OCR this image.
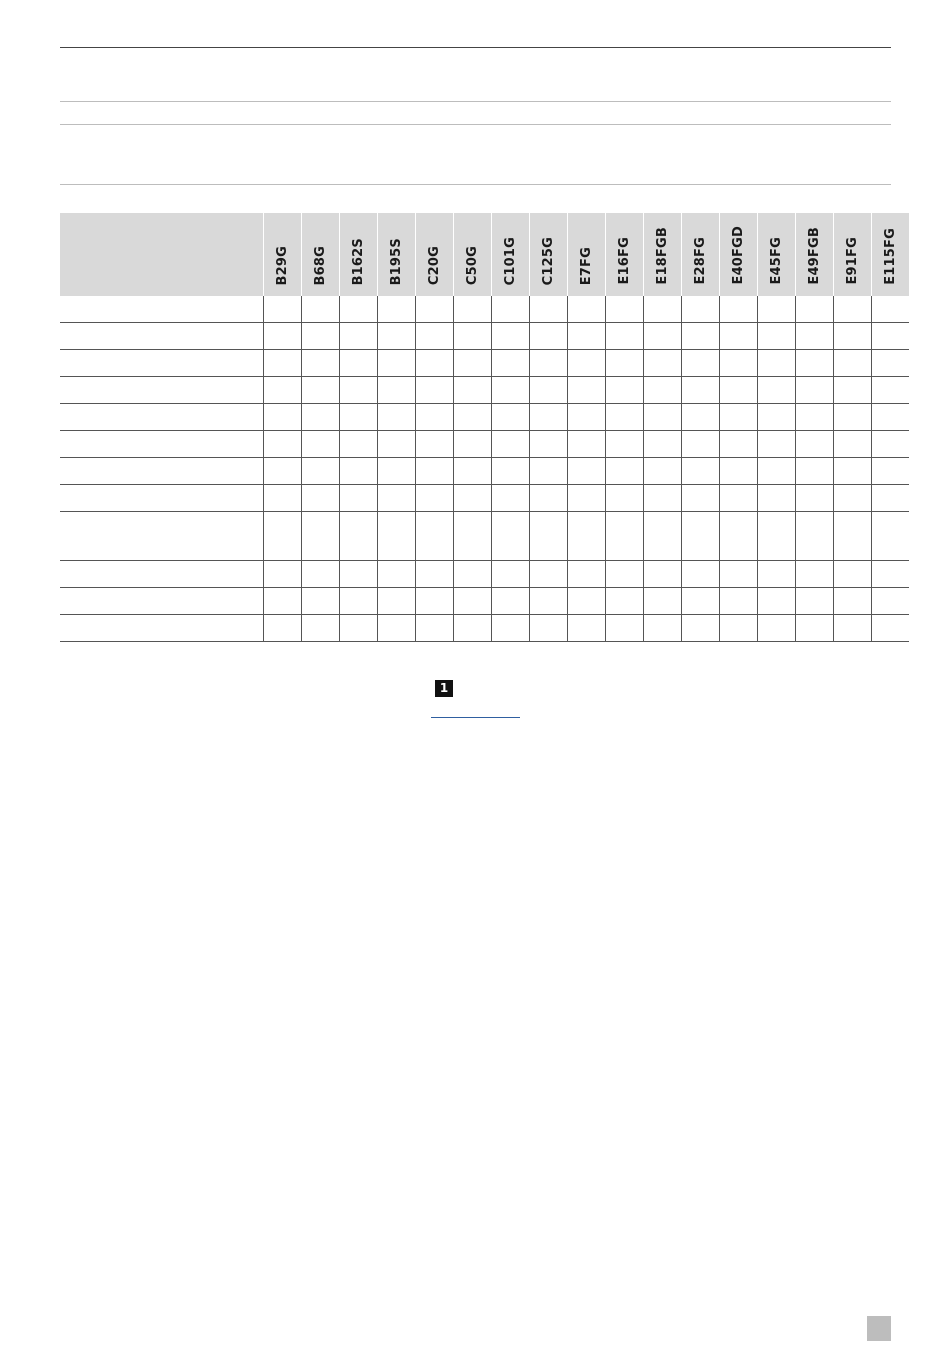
	B29G	B68G	B162S	B195S	C20G	C50G	C101G	C125G	E7FG	E16FG	E18FGB	E28FG	E40FGD	E45FG	E49FGB	E91FG	E115FG

1
